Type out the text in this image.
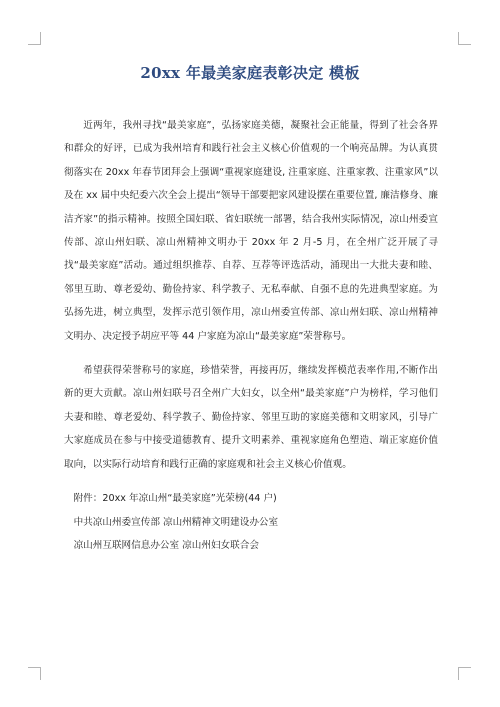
20xx 年最美家庭表彰决定 模板

近两年，我州寻找“最美家庭”，弘扬家庭美德，凝聚社会正能量，得到了社会各界和群众的好评，已成为我州培育和践行社会主义核心价值观的一个响亮品牌。为认真贯彻落实在 20xx 年春节团拜会上强调“重视家庭建设, 注重家庭、注重家教、注重家风”以及在 xx 届中央纪委六次全会上提出“领导干部要把家风建设摆在重要位置, 廉洁修身、廉洁齐家”的指示精神。按照全国妇联、省妇联统一部署，结合我州实际情况，凉山州委宣传部、凉山州妇联、凉山州精神文明办于 20xx 年 2 月-5 月，在全州广泛开展了寻找“最美家庭”活动。通过组织推荐、自荐、互荐等评选活动，涌现出一大批夫妻和睦、邻里互助、尊老爱幼、勤俭持家、科学教子、无私奉献、自强不息的先进典型家庭。为弘扬先进，树立典型，发挥示范引领作用，凉山州委宣传部、凉山州妇联、凉山州精神文明办、决定授予胡应平等 44 户家庭为凉山“最美家庭”荣誉称号。

希望获得荣誉称号的家庭，珍惜荣誉，再接再厉，继续发挥模范表率作用,不断作出新的更大贡献。凉山州妇联号召全州广大妇女，以全州“最美家庭”户为榜样，学习他们夫妻和睦、尊老爱幼、科学教子、勤俭持家、邻里互助的家庭美德和文明家风，引导广大家庭成员在参与中接受道德教育、提升文明素养、重视家庭角色塑造、端正家庭价值取向，以实际行动培育和践行正确的家庭观和社会主义核心价值观。

附件：20xx 年凉山州“最美家庭”光荣榜(44 户)

中共凉山州委宣传部 凉山州精神文明建设办公室

凉山州互联网信息办公室 凉山州妇女联合会
